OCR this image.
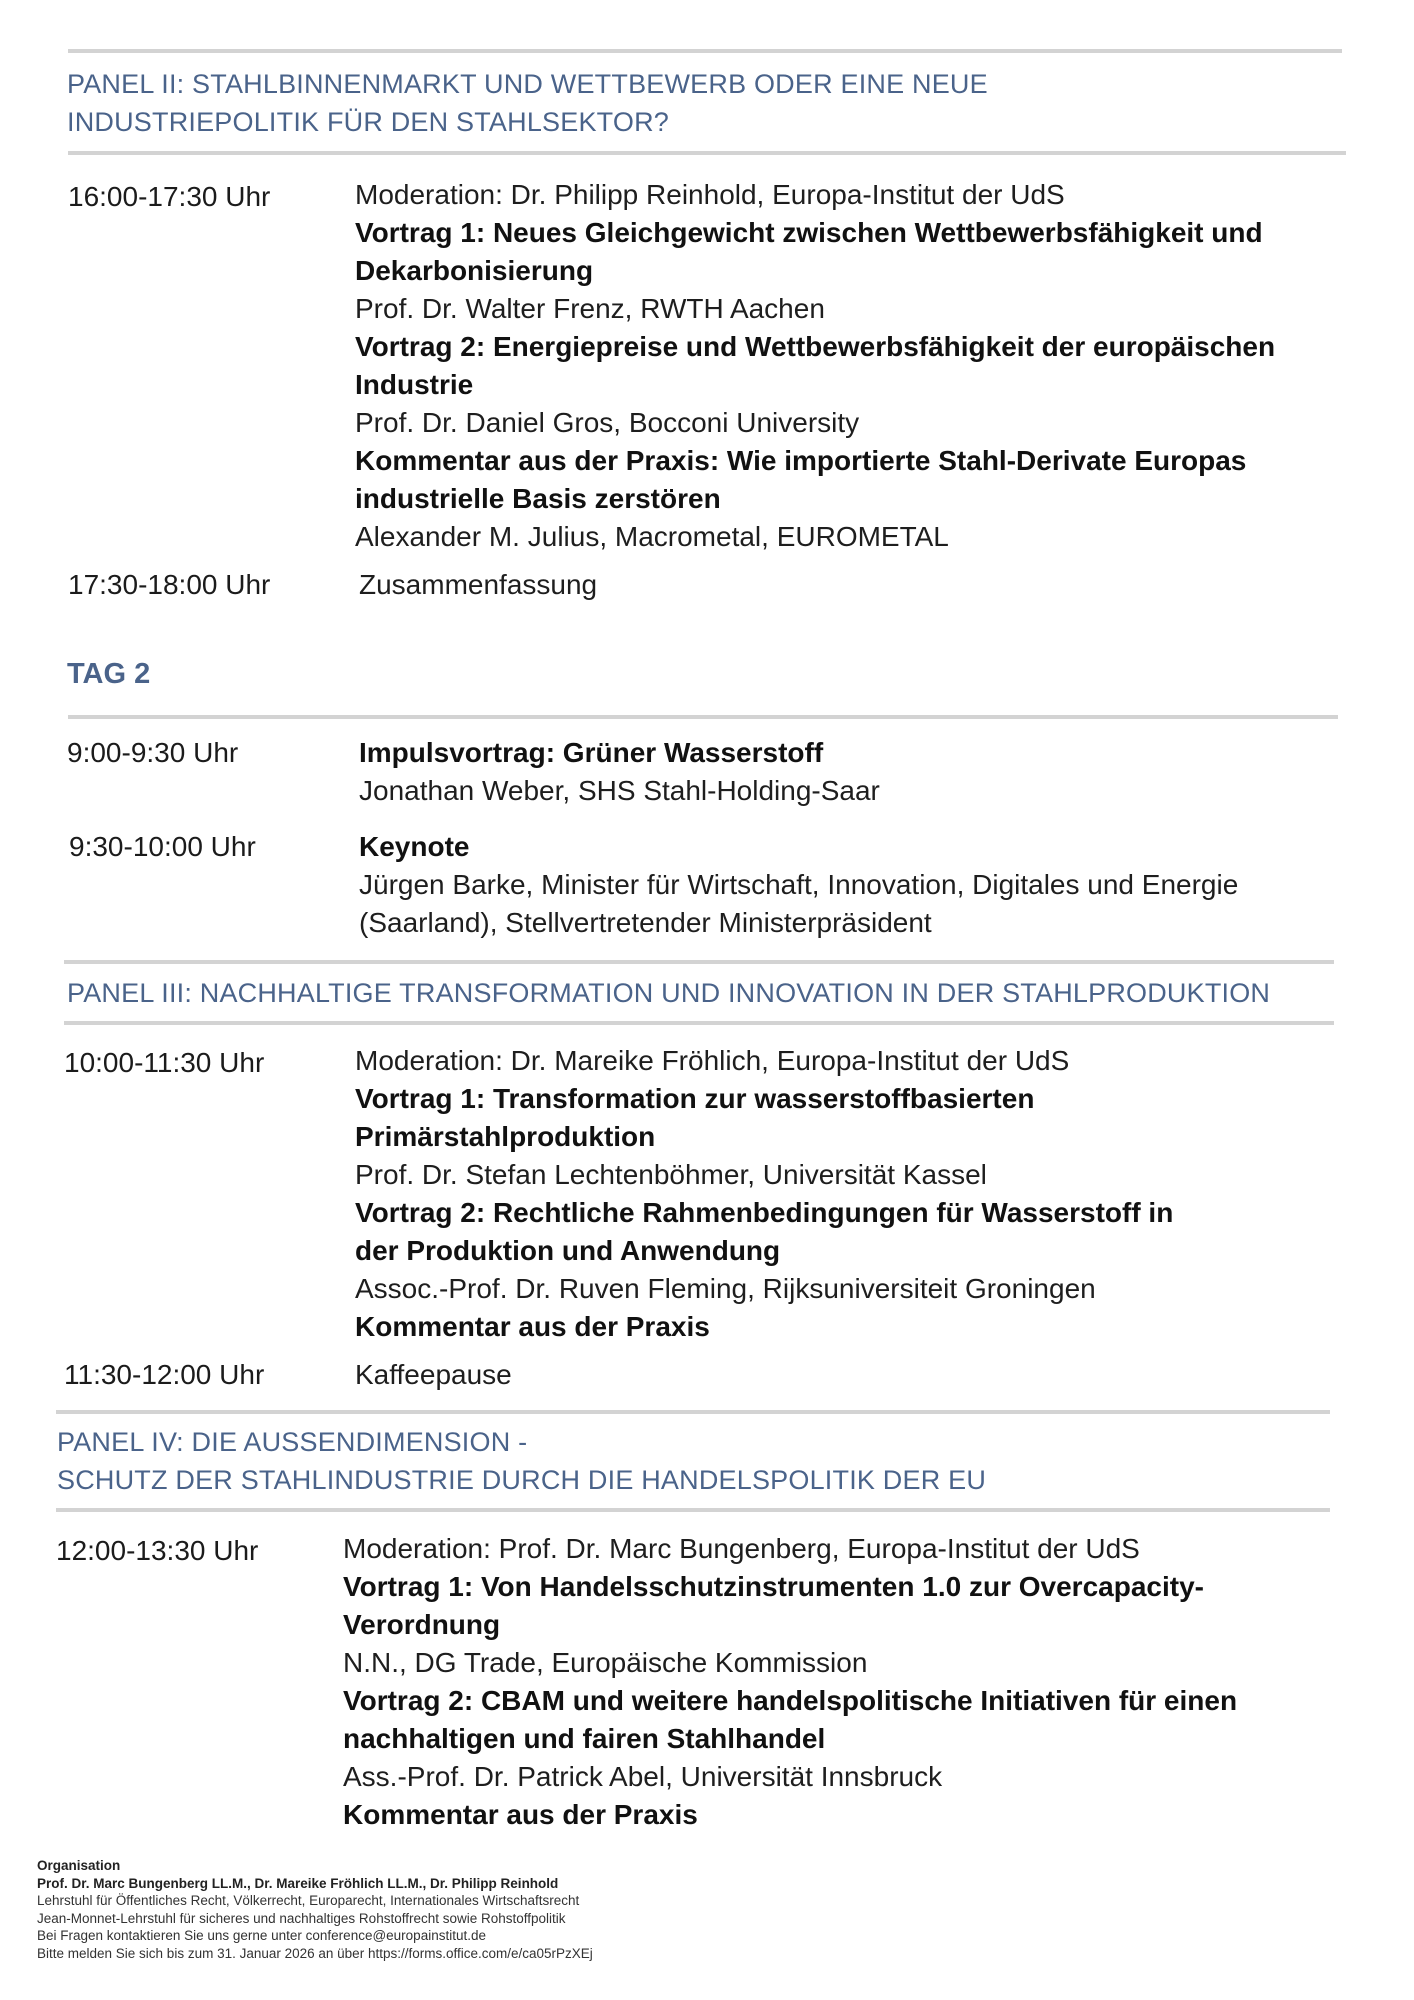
PANEL II: STAHLBINNENMARKT UND WETTBEWERB ODER EINE NEUE
INDUSTRIEPOLITIK FÜR DEN STAHLSEKTOR?
16:00-17:30 Uhr	Moderation: Dr. Philipp Reinhold, Europa-Institut der UdS
Vortrag 1: Neues Gleichgewicht zwischen Wettbewerbsfähigkeit und
Dekarbonisierung
Prof. Dr. Walter Frenz, RWTH Aachen
Vortrag 2: Energiepreise und Wettbewerbsfähigkeit der europäischen
Industrie
Prof. Dr. Daniel Gros, Bocconi University
Kommentar aus der Praxis: Wie importierte Stahl-Derivate Europas
industrielle Basis zerstören
Alexander M. Julius, Macrometal, EUROMETAL
17:30-18:00 Uhr	Zusammenfassung
TAG 2
9:00-9:30 Uhr	Impulsvortrag: Grüner Wasserstoff
Jonathan Weber, SHS Stahl-Holding-Saar
9:30-10:00 Uhr	Keynote
Jürgen Barke, Minister für Wirtschaft, Innovation, Digitales und Energie
(Saarland), Stellvertretender Ministerpräsident
PANEL III: NACHHALTIGE TRANSFORMATION UND INNOVATION IN DER STAHLPRODUKTION
10:00-11:30 Uhr	Moderation: Dr. Mareike Fröhlich, Europa-Institut der UdS
Vortrag 1: Transformation zur wasserstoffbasierten
Primärstahlproduktion
Prof. Dr. Stefan Lechtenböhmer, Universität Kassel
Vortrag 2: Rechtliche Rahmenbedingungen für Wasserstoff in
der Produktion und Anwendung
Assoc.-Prof. Dr. Ruven Fleming, Rijksuniversiteit Groningen
Kommentar aus der Praxis
11:30-12:00 Uhr	Kaffeepause
PANEL IV: DIE AUSSENDIMENSION -
SCHUTZ DER STAHLINDUSTRIE DURCH DIE HANDELSPOLITIK DER EU
12:00-13:30 Uhr	Moderation: Prof. Dr. Marc Bungenberg, Europa-Institut der UdS
Vortrag 1: Von Handelsschutzinstrumenten 1.0 zur Overcapacity-
Verordnung
N.N., DG Trade, Europäische Kommission
Vortrag 2: CBAM und weitere handelspolitische Initiativen für einen
nachhaltigen und fairen Stahlhandel
Ass.-Prof. Dr. Patrick Abel, Universität Innsbruck
Kommentar aus der Praxis
Organisation
Prof. Dr. Marc Bungenberg LL.M., Dr. Mareike Fröhlich LL.M., Dr. Philipp Reinhold
Lehrstuhl für Öffentliches Recht, Völkerrecht, Europarecht, Internationales Wirtschaftsrecht
Jean-Monnet-Lehrstuhl für sicheres und nachhaltiges Rohstoffrecht sowie Rohstoffpolitik
Bei Fragen kontaktieren Sie uns gerne unter conference@europainstitut.de
Bitte melden Sie sich bis zum 31. Januar 2026 an über https://forms.office.com/e/ca05rPzXEj
